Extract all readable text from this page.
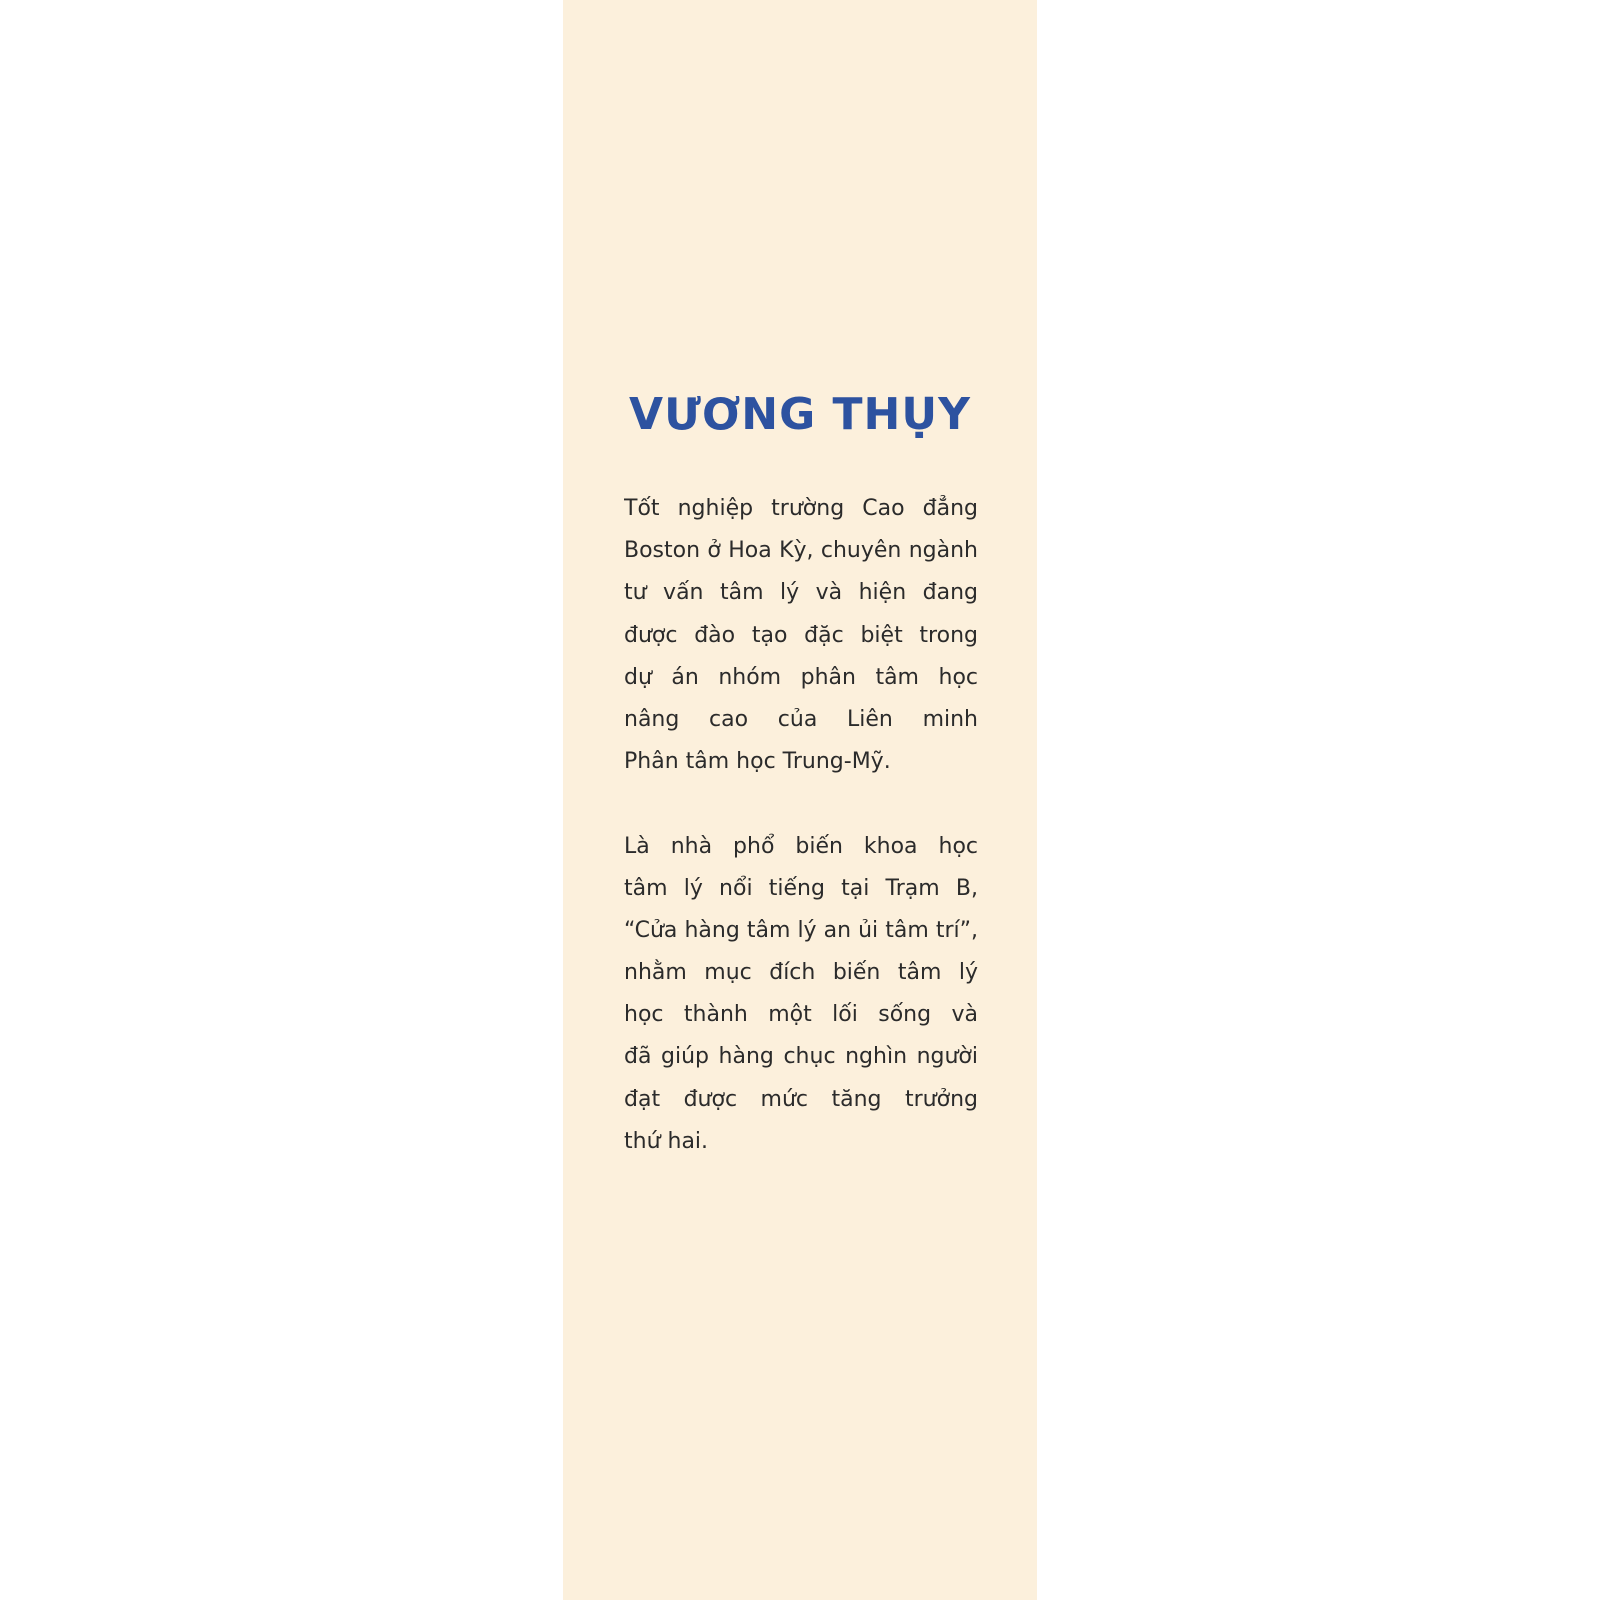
VƯƠNG THỤY
Tốt nghiệp trường Cao đẳng
Boston ở Hoa Kỳ, chuyên ngành
tư vấn tâm lý và hiện đang
được đào tạo đặc biệt trong
dự án nhóm phân tâm học
nâng cao của Liên minh
Phân tâm học Trung-Mỹ.
Là nhà phổ biến khoa học
tâm lý nổi tiếng tại Trạm B,
“Cửa hàng tâm lý an ủi tâm trí”,
nhằm mục đích biến tâm lý
học thành một lối sống và
đã giúp hàng chục nghìn người
đạt được mức tăng trưởng
thứ hai.
